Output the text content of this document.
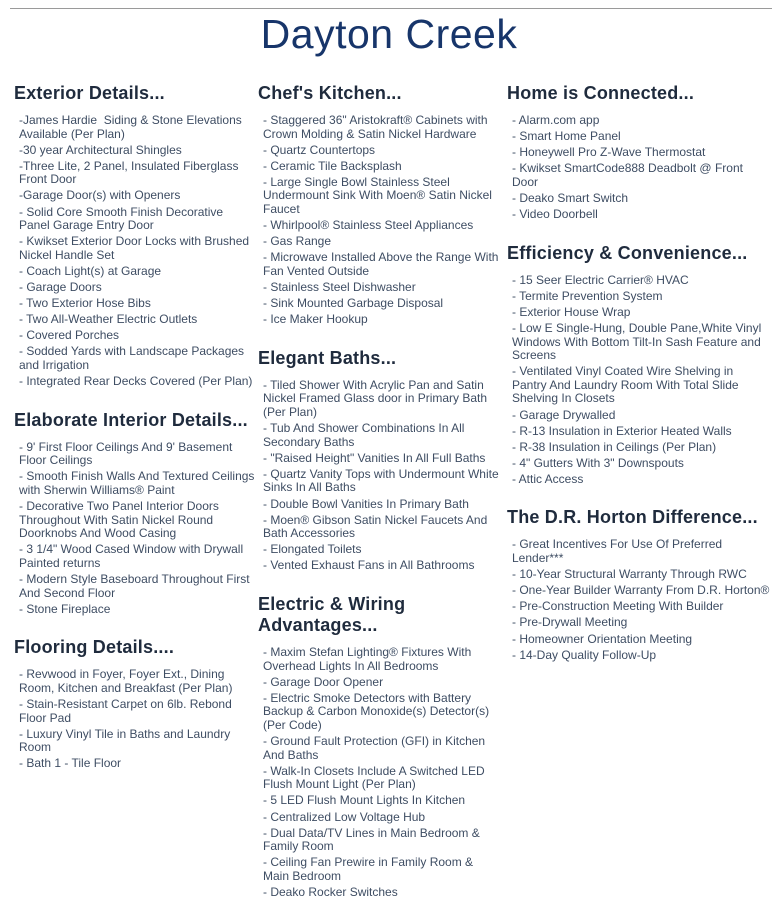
Dayton Creek
Exterior Details...

-James Hardie  Siding & Stone Elevations Available (Per Plan)

-30 year Architectural Shingles

-Three Lite, 2 Panel, Insulated Fiberglass Front Door

-Garage Door(s) with Openers

- Solid Core Smooth Finish Decorative Panel Garage Entry Door

- Kwikset Exterior Door Locks with Brushed Nickel Handle Set

- Coach Light(s) at Garage

- Garage Doors

- Two Exterior Hose Bibs

- Two All-Weather Electric Outlets

- Covered Porches

- Sodded Yards with Landscape Packages and Irrigation

- Integrated Rear Decks Covered (Per Plan)

Elaborate Interior Details...

- 9' First Floor Ceilings And 9' Basement Floor Ceilings

- Smooth Finish Walls And Textured Ceilings with Sherwin Williams® Paint

- Decorative Two Panel Interior Doors Throughout With Satin Nickel Round Doorknobs And Wood Casing

- 3 1/4" Wood Cased Window with Drywall Painted returns

- Modern Style Baseboard Throughout First And Second Floor

- Stone Fireplace

Flooring Details....

- Revwood in Foyer, Foyer Ext., Dining Room, Kitchen and Breakfast (Per Plan)

- Stain-Resistant Carpet on 6lb. Rebond Floor Pad

- Luxury Vinyl Tile in Baths and Laundry Room

- Bath 1 - Tile Floor

Chef's Kitchen...

- Staggered 36" Aristokraft® Cabinets with Crown Molding & Satin Nickel Hardware

- Quartz Countertops

- Ceramic Tile Backsplash

- Large Single Bowl Stainless Steel Undermount Sink With Moen® Satin Nickel Faucet

- Whirlpool® Stainless Steel Appliances

- Gas Range

- Microwave Installed Above the Range With Fan Vented Outside

- Stainless Steel Dishwasher

- Sink Mounted Garbage Disposal

- Ice Maker Hookup

Elegant Baths...

- Tiled Shower With Acrylic Pan and Satin Nickel Framed Glass door in Primary Bath (Per Plan)

- Tub And Shower Combinations In All Secondary Baths

- "Raised Height" Vanities In All Full Baths

- Quartz Vanity Tops with Undermount White Sinks In All Baths

- Double Bowl Vanities In Primary Bath

- Moen® Gibson Satin Nickel Faucets And Bath Accessories

- Elongated Toilets

- Vented Exhaust Fans in All Bathrooms

Electric & Wiring Advantages...

- Maxim Stefan Lighting® Fixtures With Overhead Lights In All Bedrooms

- Garage Door Opener

- Electric Smoke Detectors with Battery Backup & Carbon Monoxide(s) Detector(s) (Per Code)

- Ground Fault Protection (GFI) in Kitchen And Baths

- Walk-In Closets Include A Switched LED Flush Mount Light (Per Plan)

- 5 LED Flush Mount Lights In Kitchen

- Centralized Low Voltage Hub

- Dual Data/TV Lines in Main Bedroom & Family Room

- Ceiling Fan Prewire in Family Room & Main Bedroom

- Deako Rocker Switches

Home is Connected...

- Alarm.com app

- Smart Home Panel

- Honeywell Pro Z-Wave Thermostat

- Kwikset SmartCode888 Deadbolt @ Front Door

- Deako Smart Switch

- Video Doorbell

Efficiency & Convenience...

- 15 Seer Electric Carrier® HVAC

- Termite Prevention System

- Exterior House Wrap

- Low E Single-Hung, Double Pane,White Vinyl Windows With Bottom Tilt-In Sash Feature and Screens

- Ventilated Vinyl Coated Wire Shelving in Pantry And Laundry Room With Total Slide Shelving In Closets

- Garage Drywalled

- R-13 Insulation in Exterior Heated Walls

- R-38 Insulation in Ceilings (Per Plan)

- 4" Gutters With 3" Downspouts

- Attic Access

The D.R. Horton Difference...

- Great Incentives For Use Of Preferred Lender***

- 10-Year Structural Warranty Through RWC

- One-Year Builder Warranty From D.R. Horton®

- Pre-Construction Meeting With Builder

- Pre-Drywall Meeting

- Homeowner Orientation Meeting

- 14-Day Quality Follow-Up
